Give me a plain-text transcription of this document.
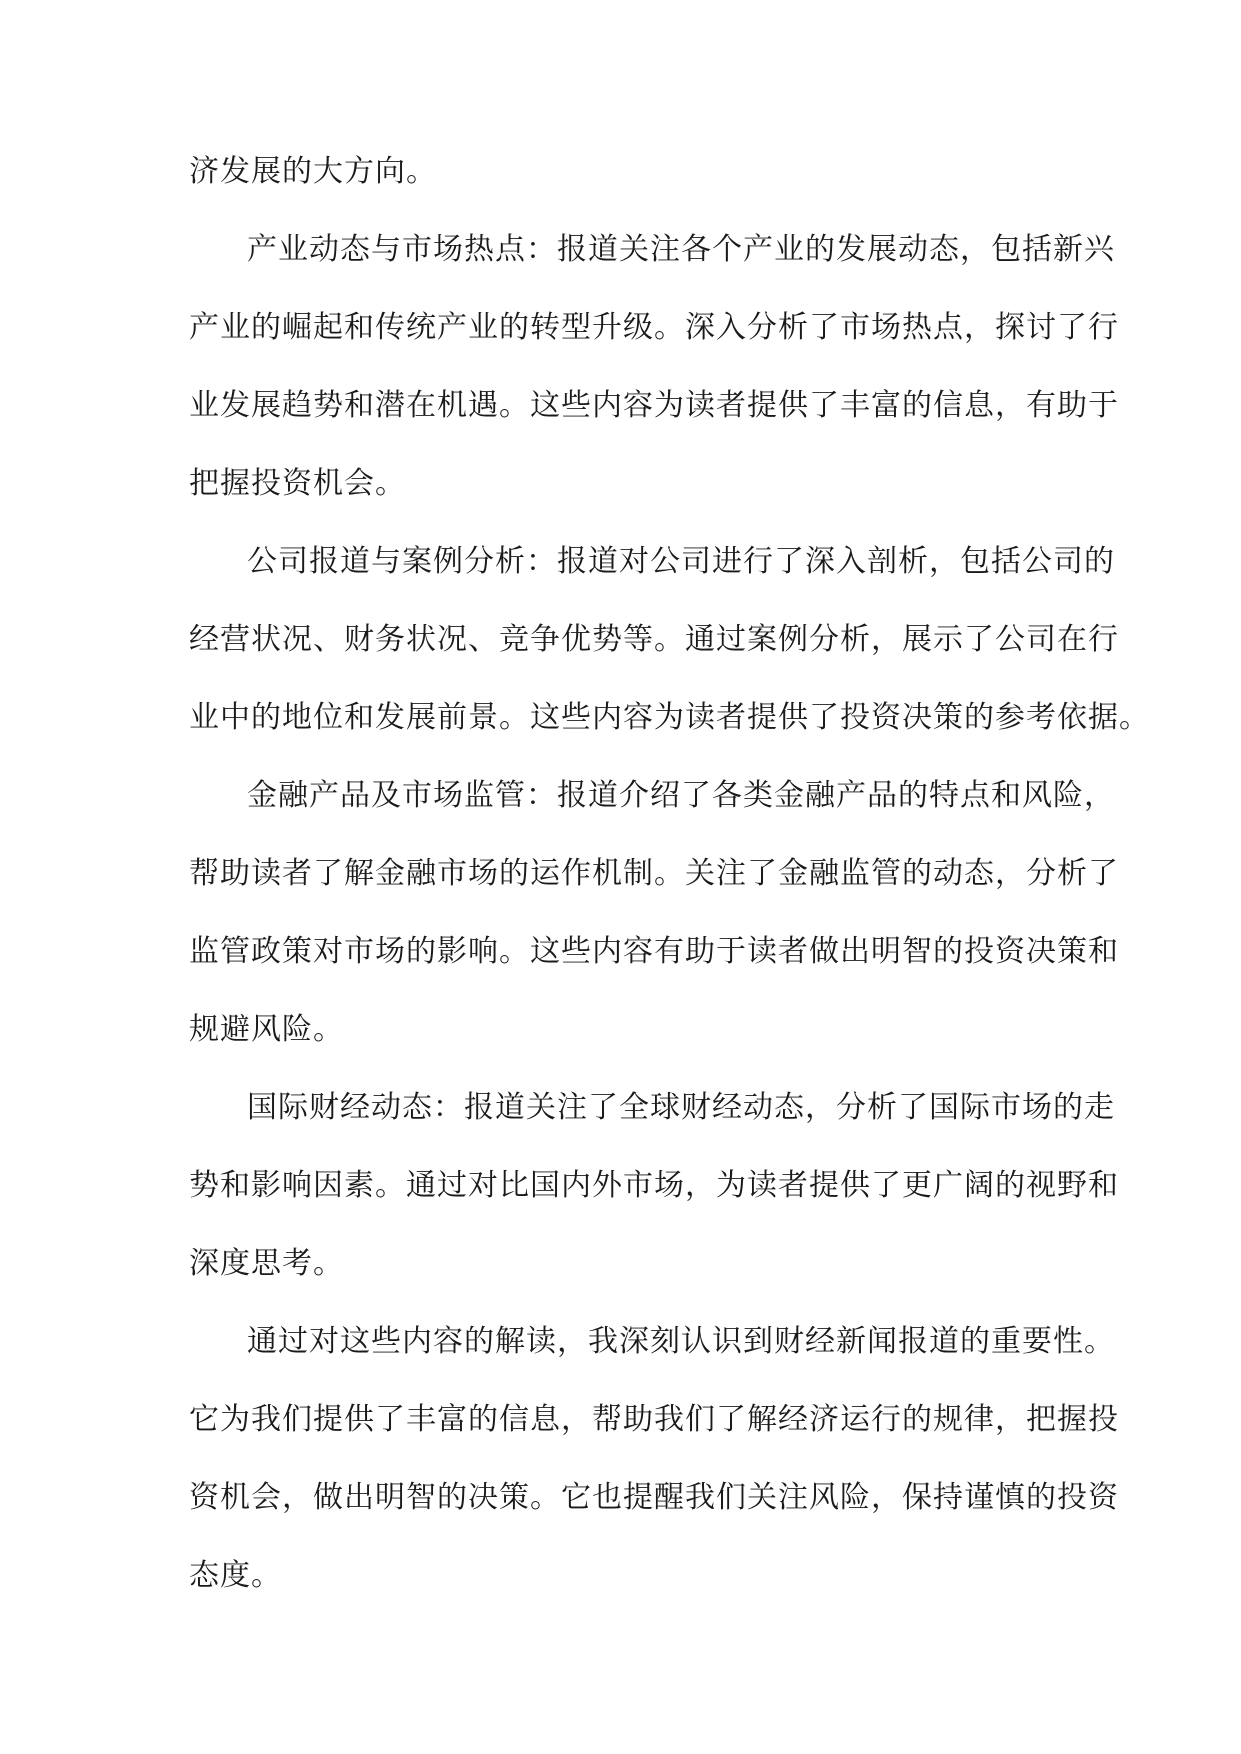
济发展的大方向。
产业动态与市场热点：报道关注各个产业的发展动态，包括新兴
产业的崛起和传统产业的转型升级。深入分析了市场热点，探讨了行
业发展趋势和潜在机遇。这些内容为读者提供了丰富的信息，有助于
把握投资机会。
公司报道与案例分析：报道对公司进行了深入剖析，包括公司的
经营状况、财务状况、竞争优势等。通过案例分析，展示了公司在行
业中的地位和发展前景。这些内容为读者提供了投资决策的参考依据。
金融产品及市场监管：报道介绍了各类金融产品的特点和风险，
帮助读者了解金融市场的运作机制。关注了金融监管的动态，分析了
监管政策对市场的影响。这些内容有助于读者做出明智的投资决策和
规避风险。
国际财经动态：报道关注了全球财经动态，分析了国际市场的走
势和影响因素。通过对比国内外市场，为读者提供了更广阔的视野和
深度思考。
通过对这些内容的解读，我深刻认识到财经新闻报道的重要性。
它为我们提供了丰富的信息，帮助我们了解经济运行的规律，把握投
资机会，做出明智的决策。它也提醒我们关注风险，保持谨慎的投资
态度。
